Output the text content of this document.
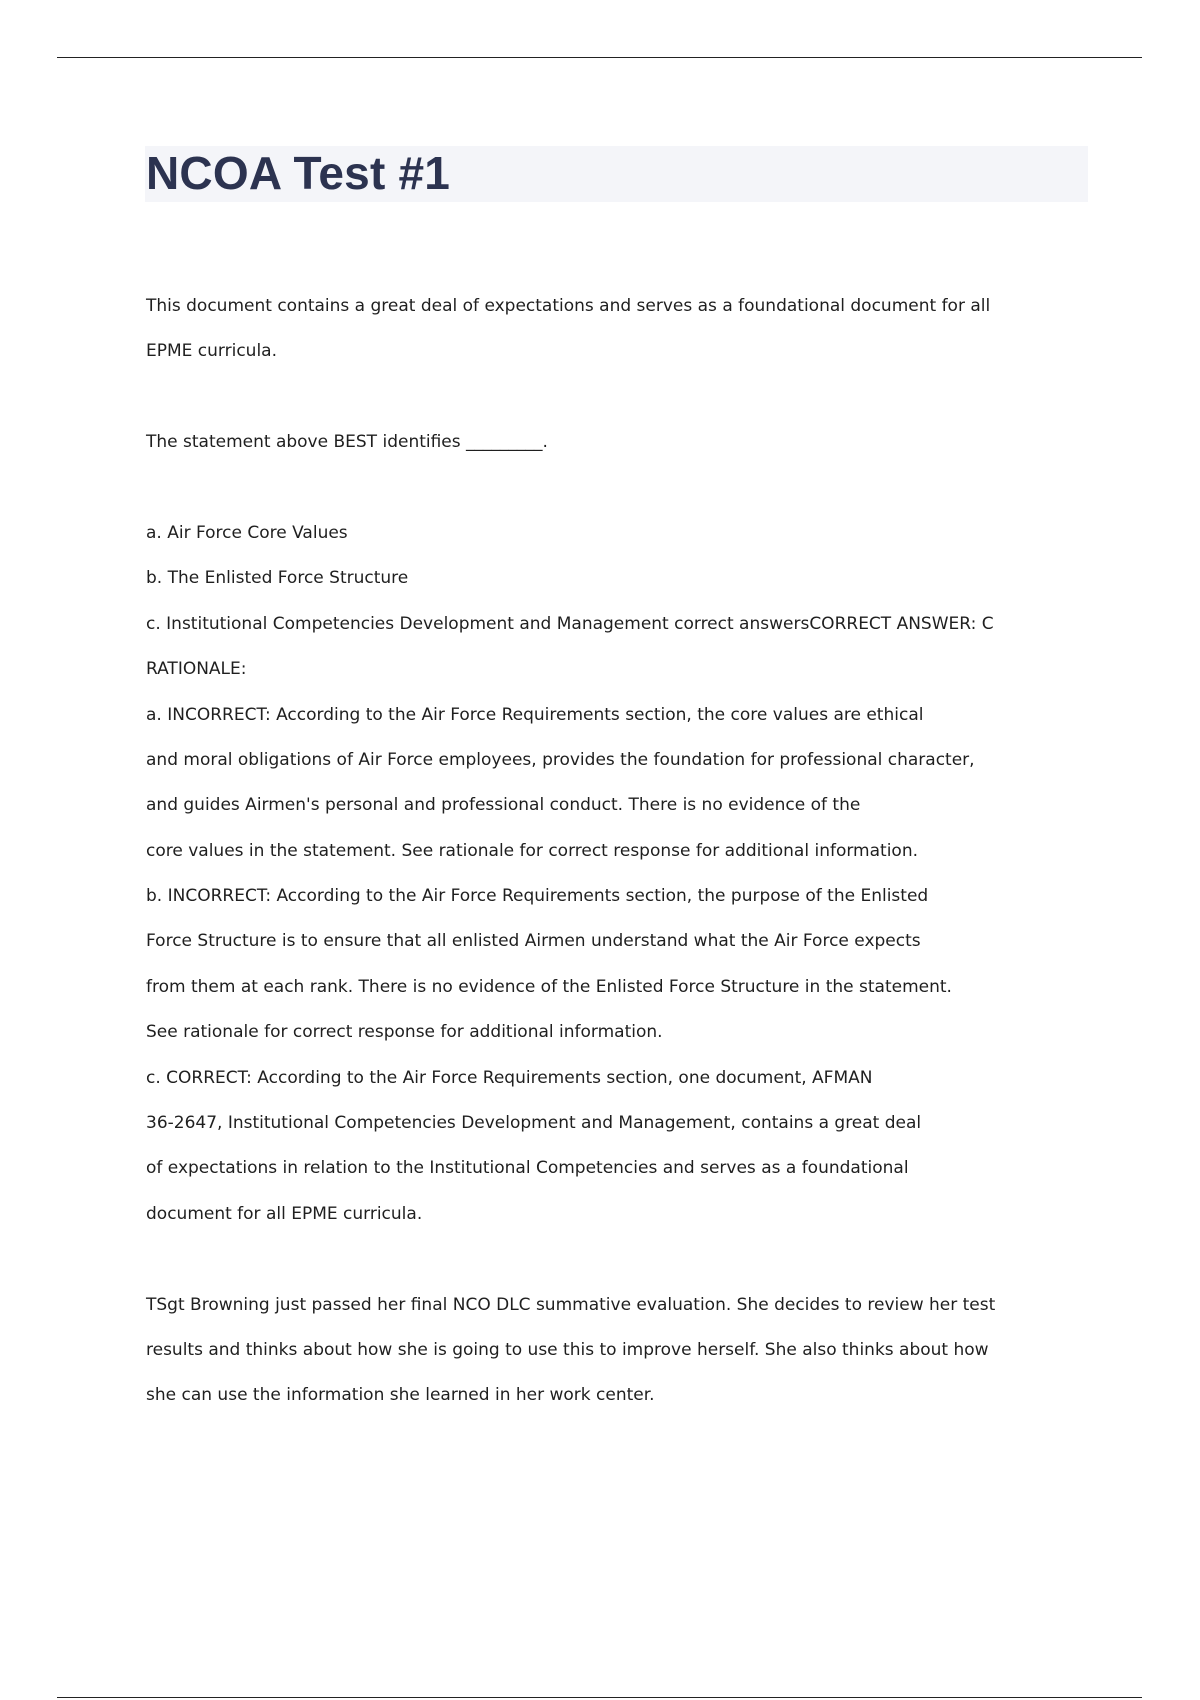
NCOA Test #1

This document contains a great deal of expectations and serves as a foundational document for all

EPME curricula.

The statement above BEST identifies _________.

a. Air Force Core Values

b. The Enlisted Force Structure

c. Institutional Competencies Development and Management correct answersCORRECT ANSWER: C

RATIONALE:

a. INCORRECT: According to the Air Force Requirements section, the core values are ethical

and moral obligations of Air Force employees, provides the foundation for professional character,

and guides Airmen's personal and professional conduct. There is no evidence of the

core values in the statement. See rationale for correct response for additional information.

b. INCORRECT: According to the Air Force Requirements section, the purpose of the Enlisted

Force Structure is to ensure that all enlisted Airmen understand what the Air Force expects

from them at each rank. There is no evidence of the Enlisted Force Structure in the statement.

See rationale for correct response for additional information.

c. CORRECT: According to the Air Force Requirements section, one document, AFMAN

36-2647, Institutional Competencies Development and Management, contains a great deal

of expectations in relation to the Institutional Competencies and serves as a foundational

document for all EPME curricula.

TSgt Browning just passed her final NCO DLC summative evaluation. She decides to review her test

results and thinks about how she is going to use this to improve herself. She also thinks about how

she can use the information she learned in her work center.
